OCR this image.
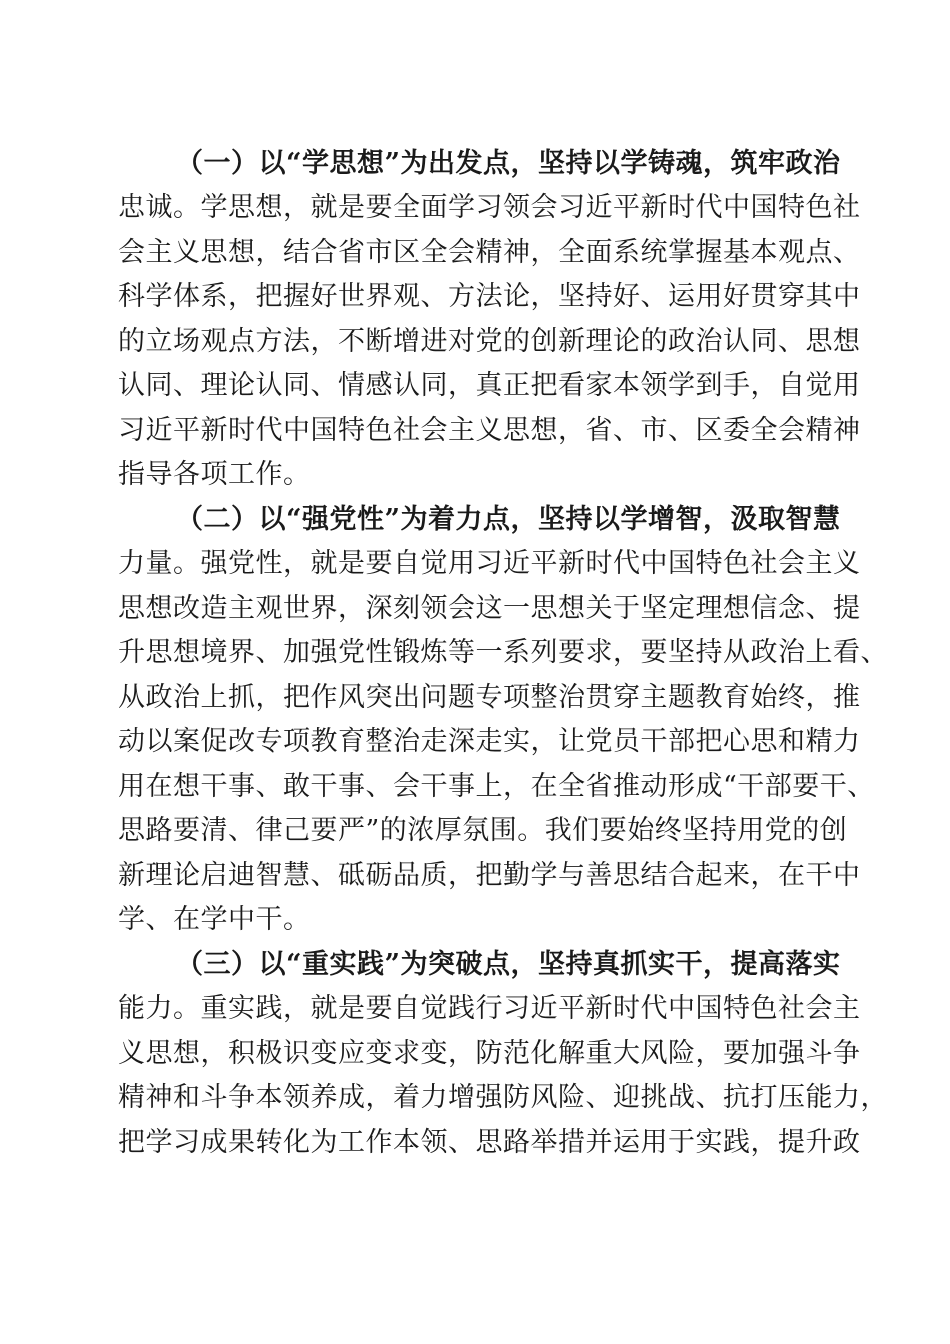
（一）以“学思想”为出发点，坚持以学铸魂，筑牢政治
忠诚。学思想，就是要全面学习领会习近平新时代中国特色社
会主义思想，结合省市区全会精神，全面系统掌握基本观点、
科学体系，把握好世界观、方法论，坚持好、运用好贯穿其中
的立场观点方法，不断增进对党的创新理论的政治认同、思想
认同、理论认同、情感认同，真正把看家本领学到手，自觉用
习近平新时代中国特色社会主义思想，省、市、区委全会精神
指导各项工作。
（二）以“强党性”为着力点，坚持以学增智，汲取智慧
力量。强党性，就是要自觉用习近平新时代中国特色社会主义
思想改造主观世界，深刻领会这一思想关于坚定理想信念、提
升思想境界、加强党性锻炼等一系列要求，要坚持从政治上看、
从政治上抓，把作风突出问题专项整治贯穿主题教育始终，推
动以案促改专项教育整治走深走实，让党员干部把心思和精力
用在想干事、敢干事、会干事上，在全省推动形成“干部要干、
思路要清、律己要严”的浓厚氛围。我们要始终坚持用党的创
新理论启迪智慧、砥砺品质，把勤学与善思结合起来，在干中
学、在学中干。
（三）以“重实践”为突破点，坚持真抓实干，提高落实
能力。重实践，就是要自觉践行习近平新时代中国特色社会主
义思想，积极识变应变求变，防范化解重大风险，要加强斗争
精神和斗争本领养成，着力增强防风险、迎挑战、抗打压能力，
把学习成果转化为工作本领、思路举措并运用于实践，提升政
